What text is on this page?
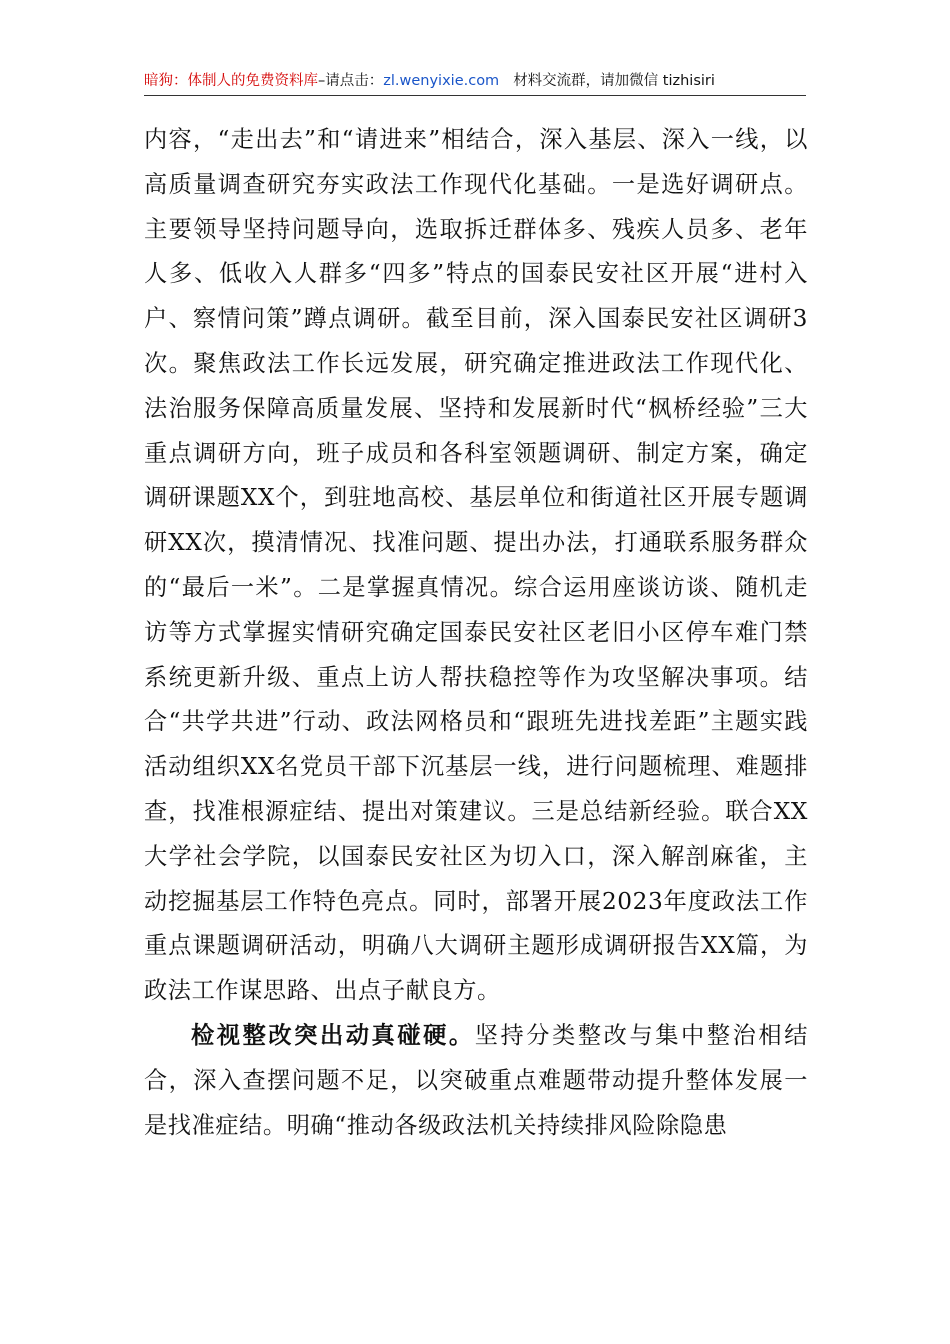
暗狗：体制人的免费资料库–请点击：zl.wenyixie.com 材料交流群，请加微信 tizhisiri

内容，“走出去”和“请进来”相结合，深入基层、深入一线，以高质量调查研究夯实政法工作现代化基础。一是选好调研点。主要领导坚持问题导向，选取拆迁群体多、残疾人员多、老年人多、低收入人群多“四多”特点的国泰民安社区开展“进村入户、察情问策”蹲点调研。截至目前，深入国泰民安社区调研3次。聚焦政法工作长远发展，研究确定推进政法工作现代化、法治服务保障高质量发展、坚持和发展新时代“枫桥经验”三大重点调研方向，班子成员和各科室领题调研、制定方案，确定调研课题XX个，到驻地高校、基层单位和街道社区开展专题调研XX次，摸清情况、找准问题、提出办法，打通联系服务群众的“最后一米”。二是掌握真情况。综合运用座谈访谈、随机走访等方式掌握实情研究确定国泰民安社区老旧小区停车难门禁系统更新升级、重点上访人帮扶稳控等作为攻坚解决事项。结合“共学共进”行动、政法网格员和“跟班先进找差距”主题实践活动组织XX名党员干部下沉基层一线，进行问题梳理、难题排查，找准根源症结、提出对策建议。三是总结新经验。联合XX大学社会学院，以国泰民安社区为切入口，深入解剖麻雀，主动挖掘基层工作特色亮点。同时，部署开展2023年度政法工作重点课题调研活动，明确八大调研主题形成调研报告XX篇，为政法工作谋思路、出点子献良方。

检视整改突出动真碰硬。坚持分类整改与集中整治相结合，深入查摆问题不足，以突破重点难题带动提升整体发展一是找准症结。明确“推动各级政法机关持续排风险除隐患
